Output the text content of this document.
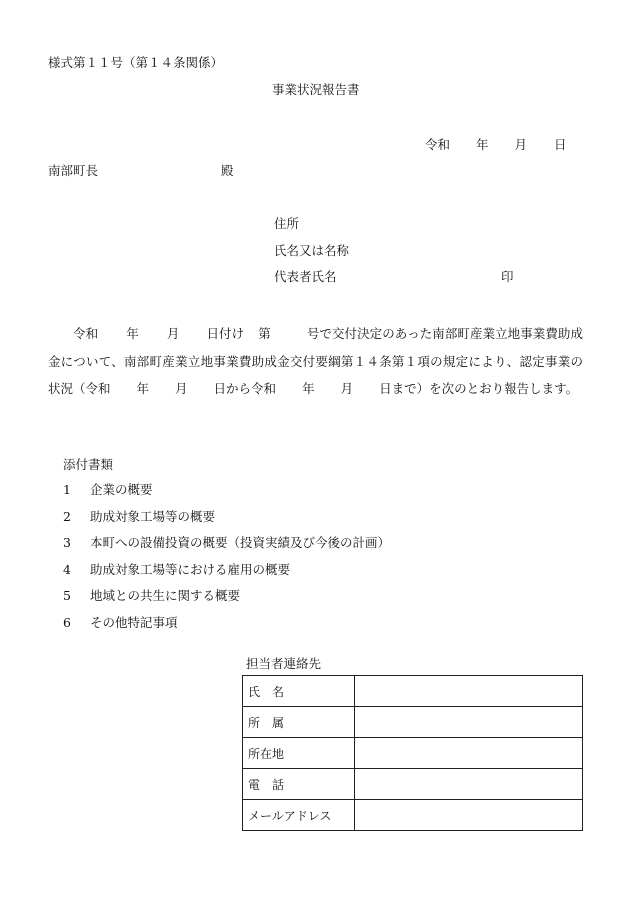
様式第１１号（第１４条関係）
事業状況報告書
令和 年 月 日
南部町長	殿
住所
氏名又は名称
代表者氏名	印
令和 年 月 日付け 第	号で交付決定のあった南部町産業立地事業費助成金について、南部町産業立地事業費助成金交付要綱第１４条第１項の規定により、認定事業の状況（令和 年 月 日から令和 年 月 日まで）を次のとおり報告します。
添付書類
1 企業の概要
2 助成対象工場等の概要
3 本町への設備投資の概要（投資実績及び今後の計画）
4 助成対象工場等における雇用の概要
5 地域との共生に関する概要
6 その他特記事項
担当者連絡先
氏　名	
所　属	
所在地	
電　話	
メールアドレス	
